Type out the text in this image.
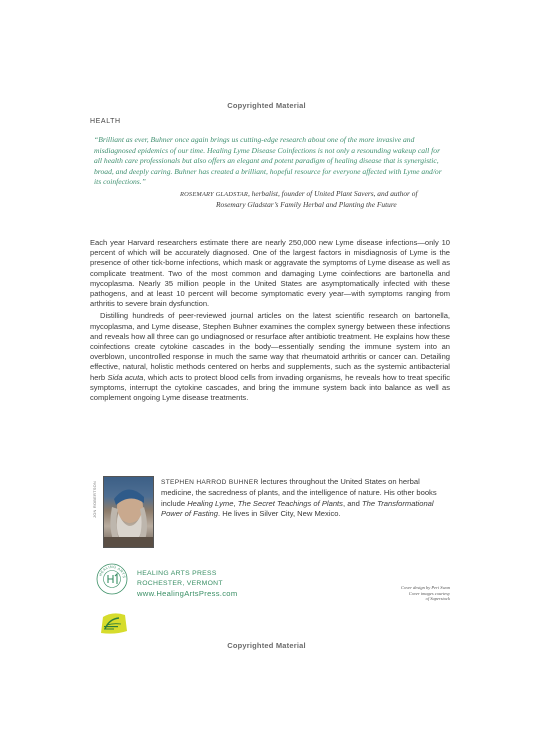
Copyrighted Material
HEALTH

“Brilliant as ever, Buhner once again brings us cutting-edge research about one of the more invasive and misdiagnosed epidemics of our time. Healing Lyme Disease Coinfections is not only a resounding wakeup call for all health care professionals but also offers an elegant and potent paradigm of healing disease that is synergistic, broad, and deeply caring. Buhner has created a brilliant, hopeful resource for everyone affected with Lyme and/or its coinfections.”

ROSEMARY GLADSTAR, herbalist, founder of United Plant Savers, and author of
Rosemary Gladstar’s Family Herbal and Planting the Future

Each year Harvard researchers estimate there are nearly 250,000 new Lyme disease infections—only 10 percent of which will be accurately diagnosed. One of the largest factors in misdiagnosis of Lyme is the presence of other tick-borne infections, which mask or aggravate the symptoms of Lyme disease as well as complicate treatment. Two of the most common and damaging Lyme coinfections are bartonella and mycoplasma. Nearly 35 million people in the United States are asymptomatically infected with these pathogens, and at least 10 percent will become symptomatic every year—with symptoms ranging from arthritis to severe brain dysfunction.

Distilling hundreds of peer-reviewed journal articles on the latest scientific research on bartonella, mycoplasma, and Lyme disease, Stephen Buhner examines the complex synergy between these infections and reveals how all three can go undiagnosed or resurface after antibiotic treatment. He explains how these coinfections create cytokine cascades in the body—essentially sending the immune system into an overblown, uncontrolled response in much the same way that rheumatoid arthritis or cancer can. Detailing effective, natural, holistic methods centered on herbs and supplements, such as the systemic antibacterial herb Sida acuta, which acts to protect blood cells from invading organisms, he reveals how to treat specific symptoms, interrupt the cytokine cascades, and bring the immune system back into balance as well as complement ongoing Lyme disease treatments.

JON ROBERTSON	STEPHEN HARROD BUHNER lectures throughout the United States on herbal medicine, the sacredness of plants, and the intelligence of nature. His other books include Healing Lyme, The Secret Teachings of Plants, and The Transformational Power of Fasting. He lives in Silver City, New Mexico.

HEALING ARTS HEALING ARTS PRESS
ROCHESTER, VERMONT
www.HealingArtsPress.com
Cover design by Peri Swan
Cover images courtesy
of Superstock
Copyrighted Material
